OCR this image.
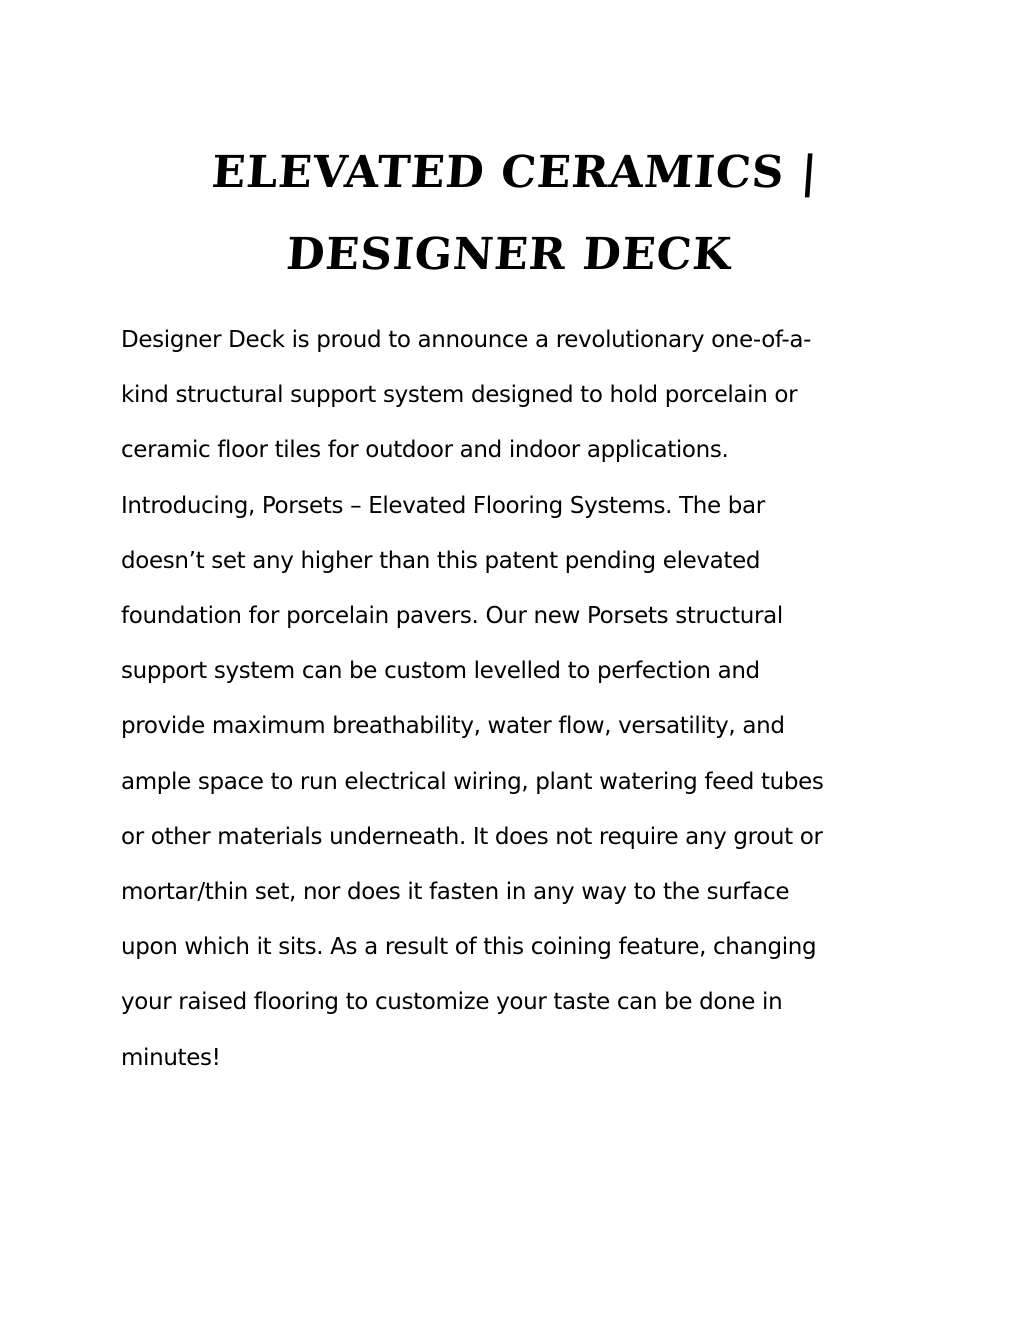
ELEVATED CERAMICS |
DESIGNER DECK
Designer Deck is proud to announce a revolutionary one-of-a-
kind structural support system designed to hold porcelain or
ceramic floor tiles for outdoor and indoor applications.
Introducing, Porsets – Elevated Flooring Systems. The bar
doesn’t set any higher than this patent pending elevated
foundation for porcelain pavers. Our new Porsets structural
support system can be custom levelled to perfection and
provide maximum breathability, water flow, versatility, and
ample space to run electrical wiring, plant watering feed tubes
or other materials underneath. It does not require any grout or
mortar/thin set, nor does it fasten in any way to the surface
upon which it sits. As a result of this coining feature, changing
your raised flooring to customize your taste can be done in
minutes!
